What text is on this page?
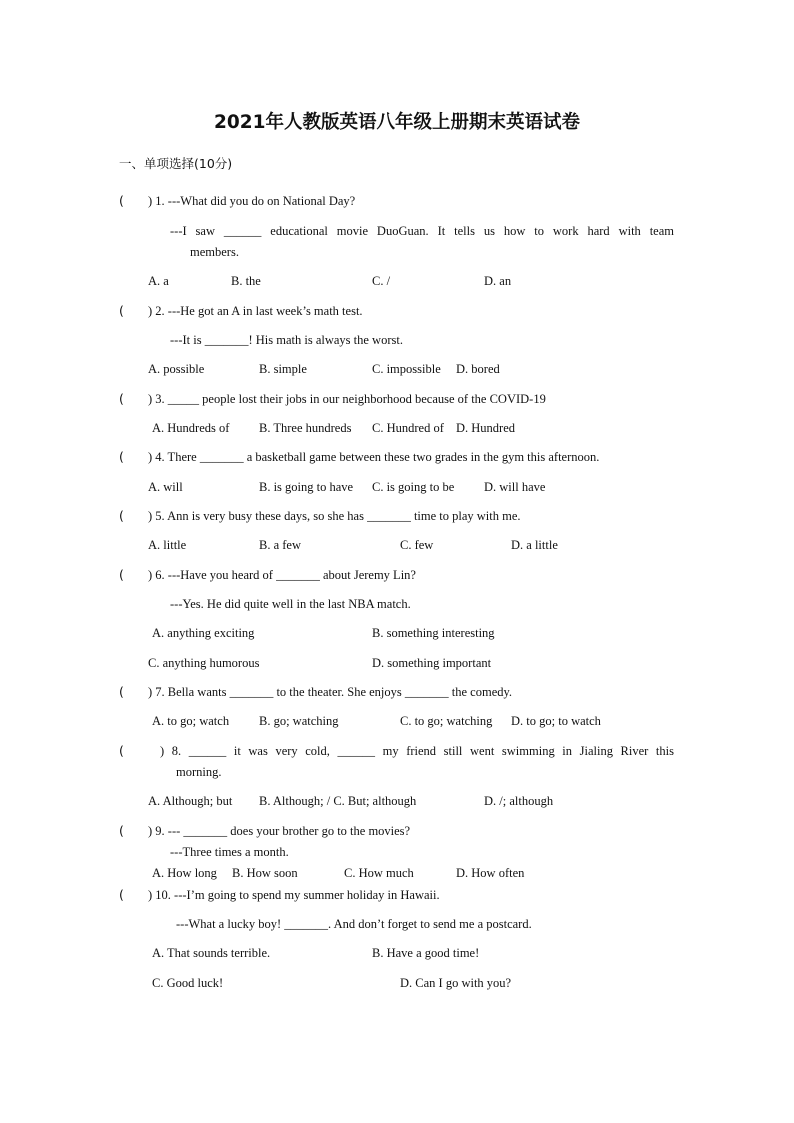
2021年人教版英语八年级上册期末英语试卷
一、单项选择(10分)
( ) 1. ---What did you do on National Day?
---I saw ______ educational movie DuoGuan. It tells us how to work hard with team
members.
A. a	B. the	C. /	D. an
( ) 2. ---He got an A in last week’s math test.
---It is _______! His math is always the worst.
A. possible	B. simple	C. impossible D. bored
( ) 3. _____ people lost their jobs in our neighborhood because of the COVID-19
A. Hundreds of B. Three hundreds C. Hundred of D. Hundred
( ) 4. There _______ a basketball game between these two grades in the gym this afternoon.
A. will	B. is going to have C. is going to be D. will have
( ) 5. Ann is very busy these days, so she has _______ time to play with me.
A. little	B. a few	C. few	D. a little
( ) 6. ---Have you heard of _______ about Jeremy Lin?
---Yes. He did quite well in the last NBA match.
A. anything exciting	B. something interesting
C. anything humorous	D. something important
( ) 7. Bella wants _______ to the theater. She enjoys _______ the comedy.
A. to go; watch B. go; watching	C. to go; watching D. to go; to watch
(	) 8. ______ it was very cold, ______ my friend still went swimming in Jialing River this
morning.
A. Although; but B. Although; / C. But; although	D. /; although
( ) 9. --- _______ does your brother go to the movies?
---Three times a month.
A. How long B. How soon	C. How much	D. How often
( ) 10. ---I’m going to spend my summer holiday in Hawaii.
---What a lucky boy! _______. And don’t forget to send me a postcard.
A. That sounds terrible.	B. Have a good time!
C. Good luck!	D. Can I go with you?
